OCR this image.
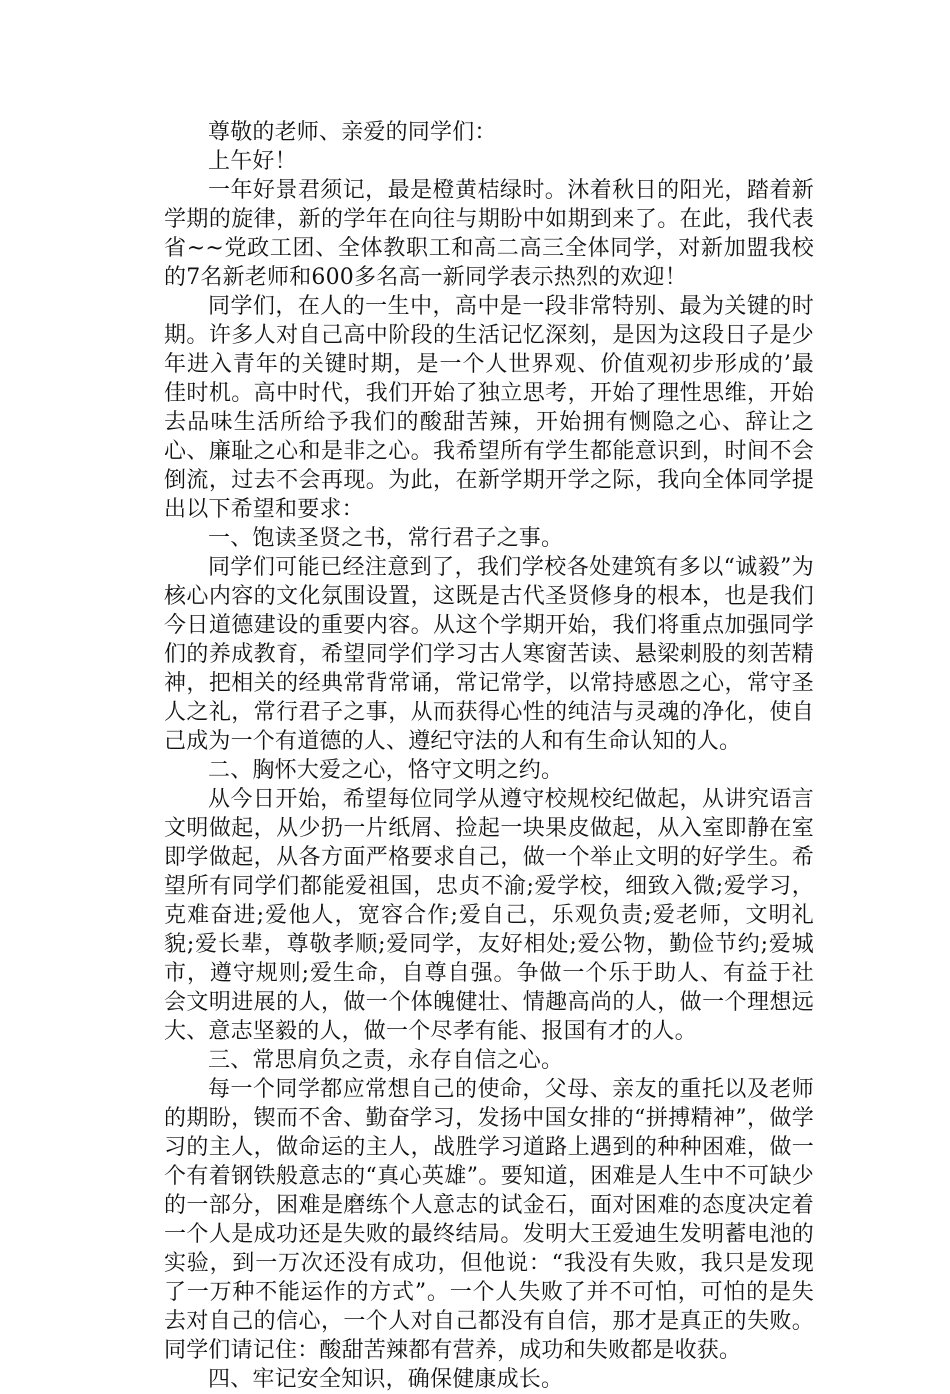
尊敬的老师、亲爱的同学们：

上午好！

一年好景君须记，最是橙黄桔绿时。沐着秋日的阳光，踏着新学期的旋律，新的学年在向往与期盼中如期到来了。在此，我代表省~~党政工团、全体教职工和高二高三全体同学，对新加盟我校的7名新老师和600多名高一新同学表示热烈的欢迎！

同学们，在人的一生中，高中是一段非常特别、最为关键的时期。许多人对自己高中阶段的生活记忆深刻，是因为这段日子是少年进入青年的关键时期，是一个人世界观、价值观初步形成的’最佳时机。高中时代，我们开始了独立思考，开始了理性思维，开始去品味生活所给予我们的酸甜苦辣，开始拥有恻隐之心、辞让之心、廉耻之心和是非之心。我希望所有学生都能意识到，时间不会倒流，过去不会再现。为此，在新学期开学之际，我向全体同学提出以下希望和要求：

一、饱读圣贤之书，常行君子之事。

同学们可能已经注意到了，我们学校各处建筑有多以“诚毅”为核心内容的文化氛围设置，这既是古代圣贤修身的根本，也是我们今日道德建设的重要内容。从这个学期开始，我们将重点加强同学们的养成教育，希望同学们学习古人寒窗苦读、悬梁刺股的刻苦精神，把相关的经典常背常诵，常记常学，以常持感恩之心，常守圣人之礼，常行君子之事，从而获得心性的纯洁与灵魂的净化，使自己成为一个有道德的人、遵纪守法的人和有生命认知的人。

二、胸怀大爱之心，恪守文明之约。

从今日开始，希望每位同学从遵守校规校纪做起，从讲究语言文明做起，从少扔一片纸屑、捡起一块果皮做起，从入室即静在室即学做起，从各方面严格要求自己，做一个举止文明的好学生。希望所有同学们都能爱祖国，忠贞不渝;爱学校，细致入微;爱学习，克难奋进;爱他人，宽容合作;爱自己，乐观负责;爱老师，文明礼貌;爱长辈，尊敬孝顺;爱同学，友好相处;爱公物，勤俭节约;爱城市，遵守规则;爱生命，自尊自强。争做一个乐于助人、有益于社会文明进展的人，做一个体魄健壮、情趣高尚的人，做一个理想远大、意志坚毅的人，做一个尽孝有能、报国有才的人。

三、常思肩负之责，永存自信之心。

每一个同学都应常想自己的使命，父母、亲友的重托以及老师的期盼，锲而不舍、勤奋学习，发扬中国女排的“拼搏精神”，做学习的主人，做命运的主人，战胜学习道路上遇到的种种困难，做一个有着钢铁般意志的“真心英雄”。要知道，困难是人生中不可缺少的一部分，困难是磨练个人意志的试金石，面对困难的态度决定着一个人是成功还是失败的最终结局。发明大王爱迪生发明蓄电池的实验，到一万次还没有成功，但他说：“我没有失败，我只是发现了一万种不能运作的方式”。一个人失败了并不可怕，可怕的是失去对自己的信心，一个人对自己都没有自信，那才是真正的失败。同学们请记住：酸甜苦辣都有营养，成功和失败都是收获。

四、牢记安全知识，确保健康成长。
